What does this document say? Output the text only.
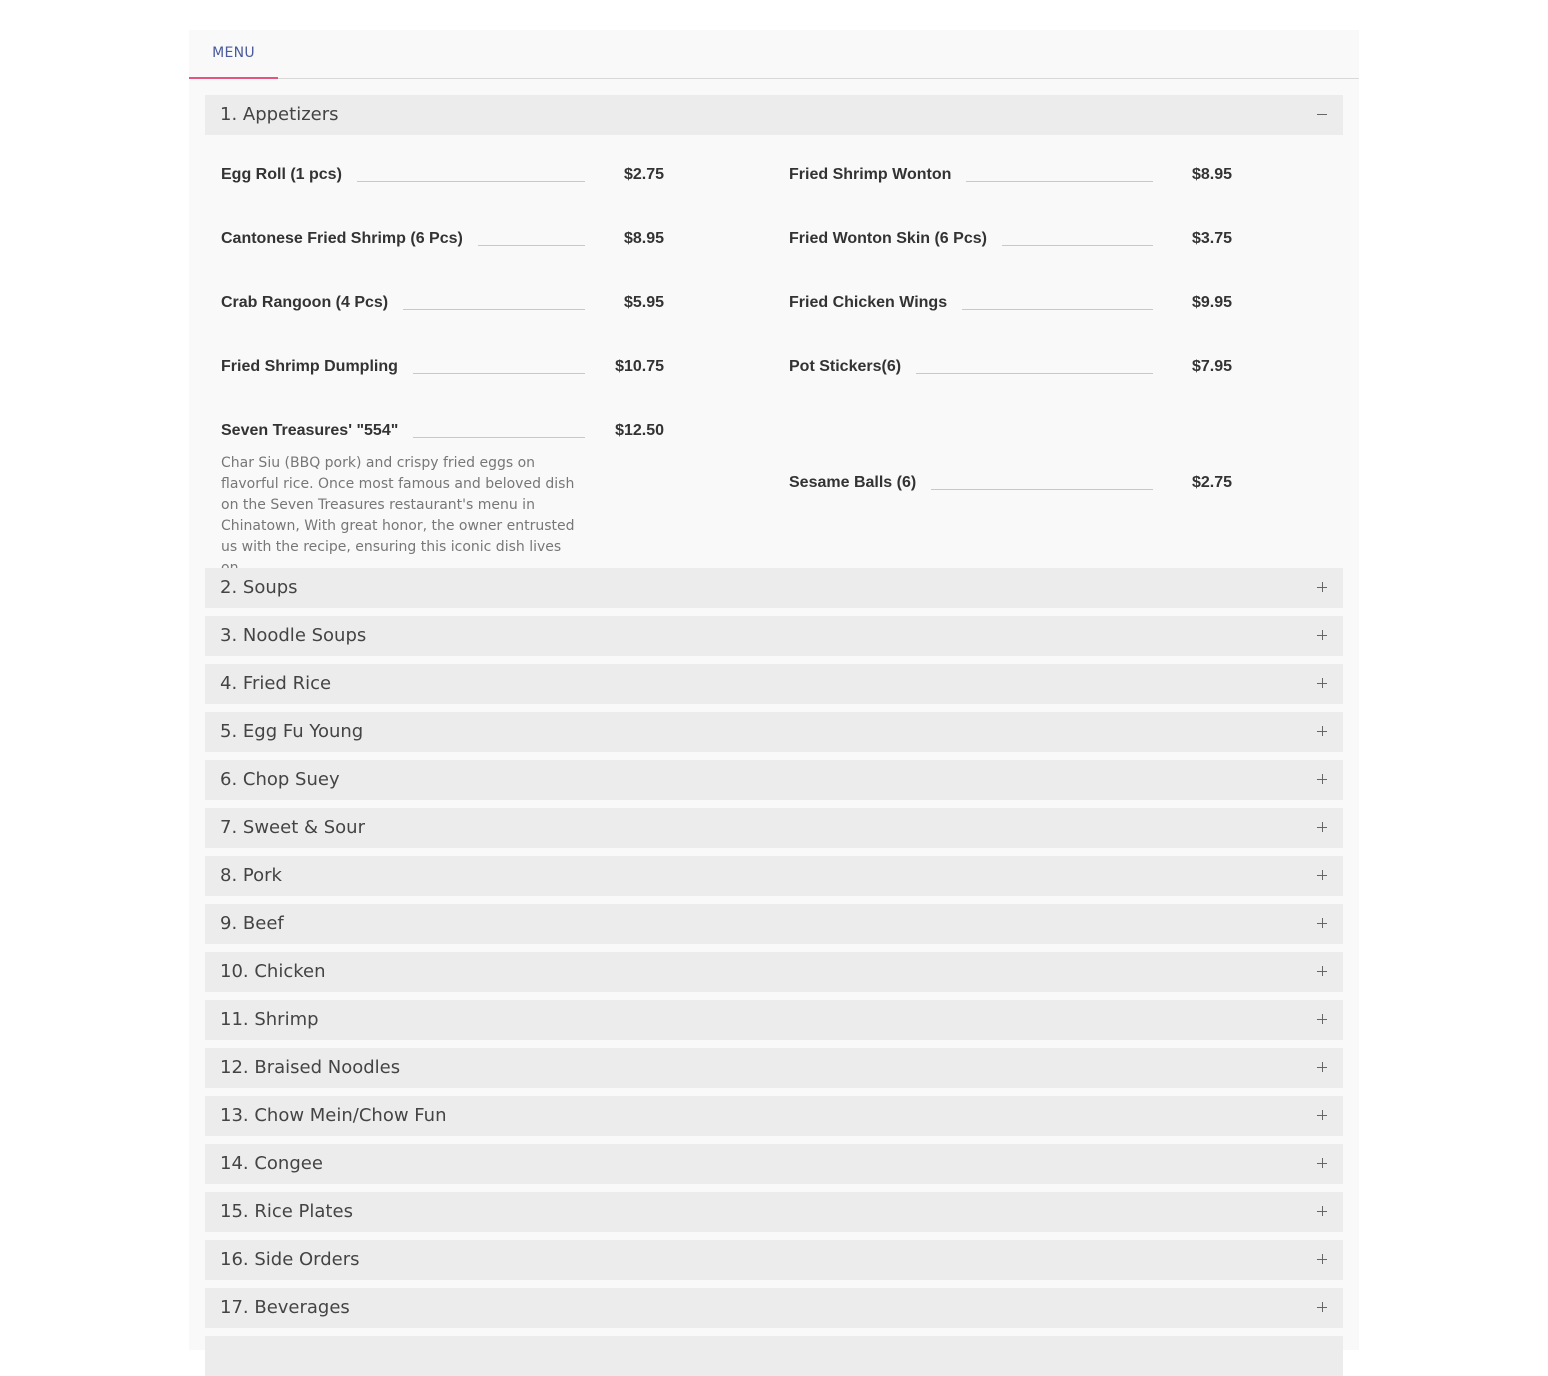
MENU
1. Appetizers
Egg Roll (1 pcs)	$2.75
Cantonese Fried Shrimp (6 Pcs)	$8.95
Crab Rangoon (4 Pcs)	$5.95
Fried Shrimp Dumpling	$10.75
Seven Treasures' "554"	$12.50
Char Siu (BBQ pork) and crispy fried eggs on flavorful rice. Once most famous and beloved dish on the Seven Treasures restaurant's menu in Chinatown, With great honor, the owner entrusted us with the recipe, ensuring this iconic dish lives
Fried Shrimp Wonton	$8.95
Fried Wonton Skin (6 Pcs)	$3.75
Fried Chicken Wings	$9.95
Pot Stickers(6)	$7.95
Sesame Balls (6)	$2.75
2. Soups
3. Noodle Soups
4. Fried Rice
5. Egg Fu Young
6. Chop Suey
7. Sweet & Sour
8. Pork
9. Beef
10. Chicken
11. Shrimp
12. Braised Noodles
13. Chow Mein/Chow Fun
14. Congee
15. Rice Plates
16. Side Orders
17. Beverages
